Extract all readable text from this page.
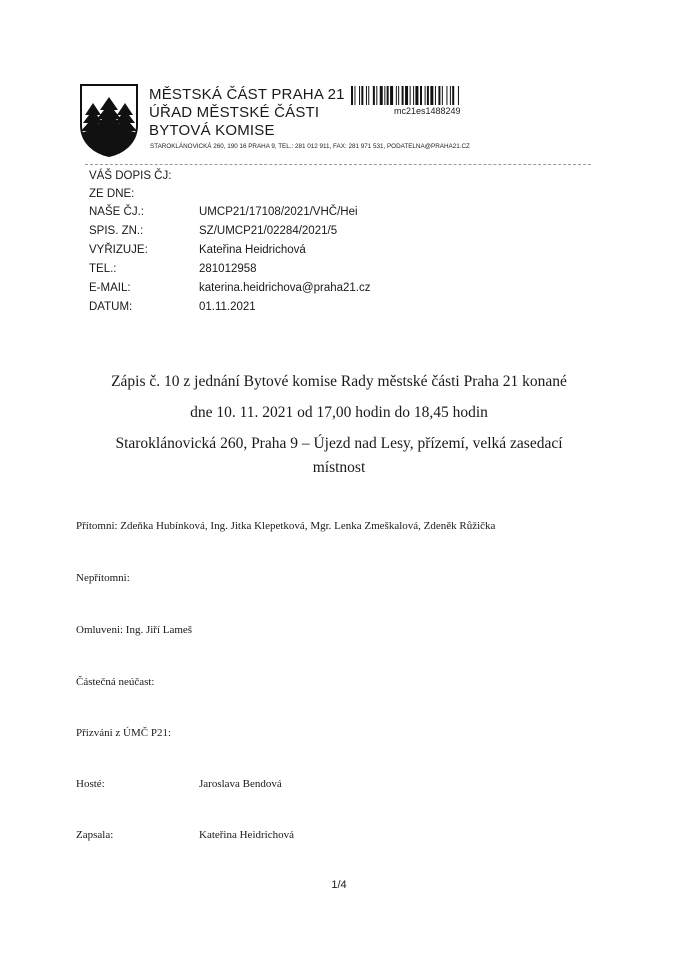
MĚSTSKÁ ČÁST PRAHA 21
ÚŘAD MĚSTSKÉ ČÁSTI
BYTOVÁ KOMISE
STAROKLÁNOVICKÁ 260, 190 16 PRAHA 9, TEL.: 281 012 911, FAX: 281 971 531, PODATELNA@PRAHA21.CZ
mc21es1488249
VÁŠ DOPIS ČJ:
ZE DNE:
NAŠE ČJ.:	UMCP21/17108/2021/VHČ/Hei
SPIS. ZN.:	SZ/UMCP21/02284/2021/5
VYŘIZUJE:	Kateřina Heidrichová
TEL.:	281012958
E-MAIL:	katerina.heidrichova@praha21.cz
DATUM:	01.11.2021
Zápis č. 10 z jednání Bytové komise Rady městské části Praha 21 konané
dne 10. 11. 2021 od 17,00 hodin do 18,45 hodin
Staroklánovická 260, Praha 9 – Újezd nad Lesy, přízemí, velká zasedací
místnost
Přítomni: Zdeňka Hubínková, Ing. Jitka Klepetková, Mgr. Lenka Zmeškalová, Zdeněk Růžička
Nepřítomni:
Omluveni: Ing. Jiří Lameš
Částečná neúčast:
Přizváni z ÚMČ P21:
Hosté:	Jaroslava Bendová
Zapsala:	Kateřina Heidrichová
1/4
